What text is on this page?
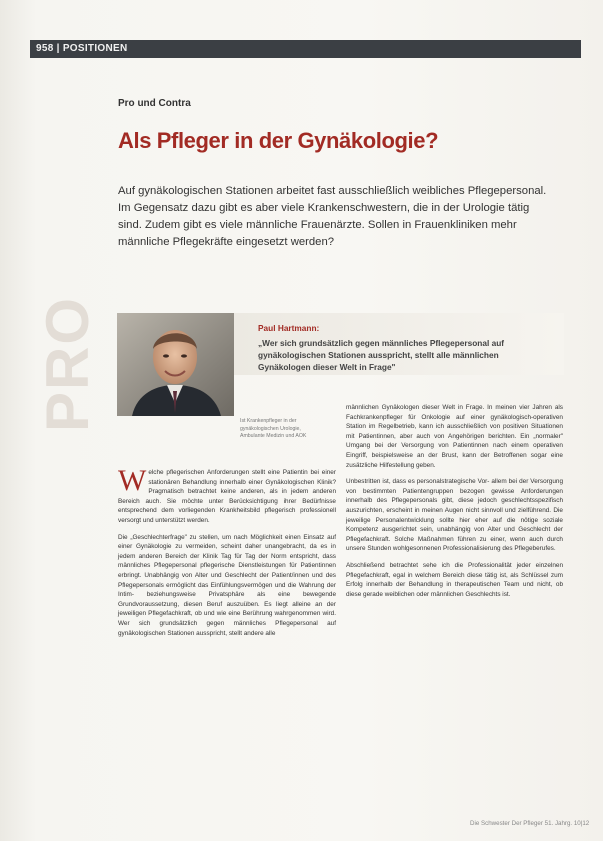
958 | POSITIONEN
Pro und Contra
Als Pfleger in der Gynäkologie?
Auf gynäkologischen Stationen arbeitet fast ausschließlich weibliches Pflegepersonal. Im Gegensatz dazu gibt es aber viele Krankenschwestern, die in der Urologie tätig sind. Zudem gibt es viele männliche Frauenärzte. Sollen in Frauenkliniken mehr männliche Pflegekräfte eingesetzt werden?
PRO	Ist Krankenpfleger in der gynäkologischen Urologie, Ambulante Medizin und AOK
Paul Hartmann:
„Wer sich grundsätzlich gegen männliches Pflegepersonal auf gynäkologischen Stationen ausspricht, stellt alle männlichen Gynäkologen dieser Welt in Frage"

Welche pflegerischen Anforderungen stellt eine Patientin bei einer stationären Behandlung innerhalb einer Gynäkologischen Klinik? Pragmatisch betrachtet keine anderen, als in jedem anderen Bereich auch. Sie möchte unter Berücksichtigung ihrer Bedürfnisse entsprechend dem vorliegenden Krankheitsbild pflegerisch professionell versorgt und unterstützt werden.

Die „Geschlechterfrage" zu stellen, um nach Möglichkeit einen Einsatz auf einer Gynäkologie zu vermeiden, scheint daher unangebracht, da es in jedem anderen Bereich der Klinik Tag für Tag der Norm entspricht, dass männliches Pflegepersonal pflegerische Dienstleistungen für Patientinnen erbringt. Unabhängig von Alter und Geschlecht der Patient/innen und des Pflegepersonals ermöglicht das Einfühlungsvermögen und die Wahrung der Intim- beziehungsweise Privatsphäre als eine bewegende Grundvoraussetzung, diesen Beruf auszuüben. Es liegt alleine an der jeweiligen Pflegefachkraft, ob und wie eine Berührung wahrgenommen wird. Wer sich grundsätzlich gegen männliches Pflegepersonal auf gynäkologischen Stationen ausspricht, stellt andere alle

männlichen Gynäkologen dieser Welt in Frage. In meinen vier Jahren als Fachkrankenpfleger für Onkologie auf einer gynäkologisch-operativen Station im Regelbetrieb, kann ich ausschließlich von positiven Situationen mit Patientinnen, aber auch von Angehörigen berichten. Ein „normaler" Umgang bei der Versorgung von Patientinnen nach einem operativen Eingriff, beispielsweise an der Brust, kann der Betroffenen sogar eine zusätzliche Hilfestellung geben.

Unbestritten ist, dass es personalstrategische Vor- allem bei der Versorgung von bestimmten Patientengruppen bezogen gewisse Anforderungen innerhalb des Pflegepersonals gibt, diese jedoch geschlechtsspezifisch auszurichten, erscheint in meinen Augen nicht sinnvoll und zielführend. Die jeweilige Personalentwicklung sollte hier eher auf die nötige soziale Kompetenz ausgerichtet sein, unabhängig von Alter und Geschlecht der Pflegefachkraft. Solche Maßnahmen führen zu einer, wenn auch durch unsere Stunden wohlgesonnenen Professionalisierung des Pflegeberufes.

Abschließend betrachtet sehe ich die Professionalität jeder einzelnen Pflegefachkraft, egal in welchem Bereich diese tätig ist, als Schlüssel zum Erfolg innerhalb der Behandlung in therapeutischen Team und nicht, ob diese gerade weiblichen oder männlichen Geschlechts ist.

Die Schwester Der Pfleger 51. Jahrg. 10|12
